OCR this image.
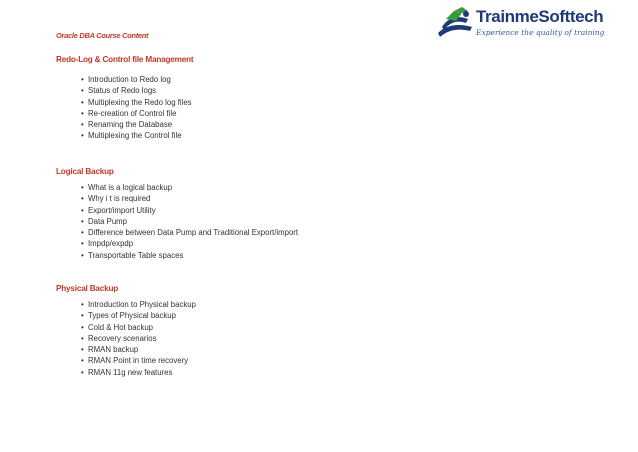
Oracle DBA Course Content
TrainmeSofttech
Experience the quality of training
Redo-Log & Control file Management
• Introduction to Redo log
• Status of Redo logs
• Multiplexing the Redo log files
• Re-creation of Control file
• Renaming the Database
• Multiplexing the Control file
Logical Backup
• What is a logical backup
• Why i t is required
• Export/import Utility
• Data Pump
• Difference between Data Pump and Traditional Export/import
• Impdp/expdp
• Transportable Table spaces
Physical Backup
• Introduction to Physical backup
• Types of Physical backup
• Cold & Hot backup
• Recovery scenarios
• RMAN backup
• RMAN Point in time recovery
• RMAN 11g new features
